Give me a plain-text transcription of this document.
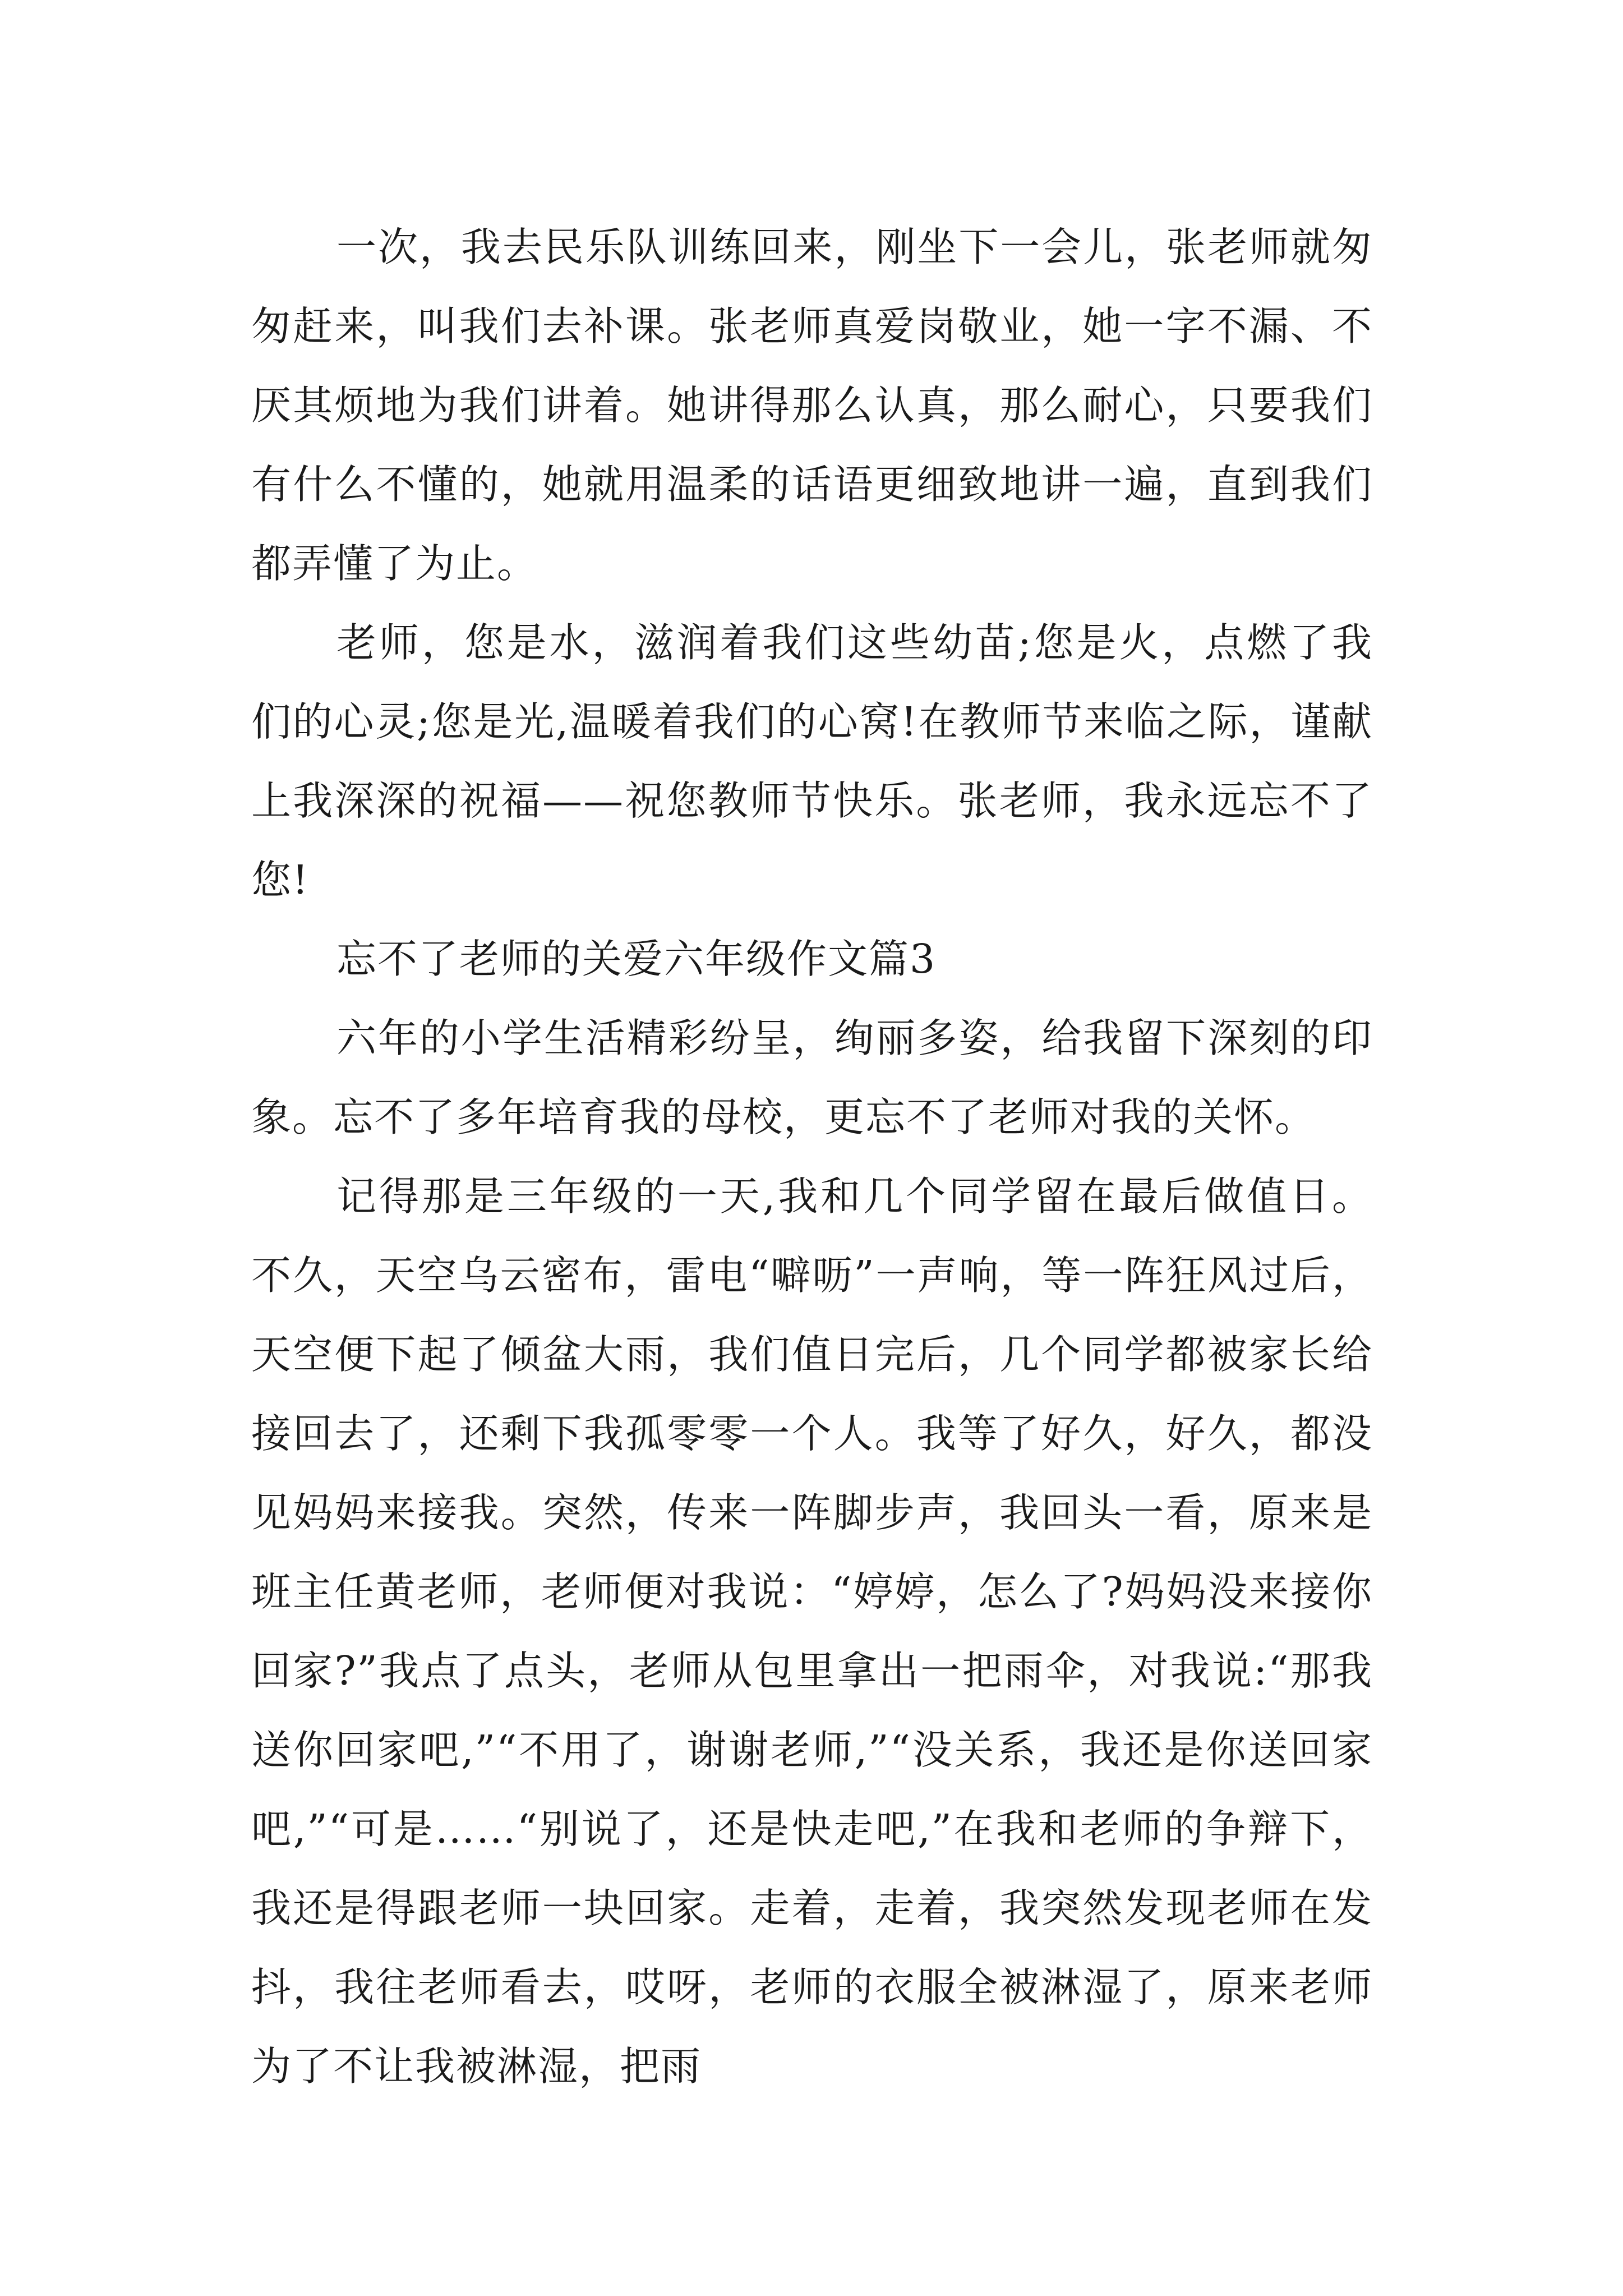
一次，我去民乐队训练回来，刚坐下一会儿，张老师就匆匆赶来，叫我们去补课。张老师真爱岗敬业，她一字不漏、不厌其烦地为我们讲着。她讲得那么认真，那么耐心，只要我们有什么不懂的，她就用温柔的话语更细致地讲一遍，直到我们都弄懂了为止。

老师，您是水，滋润着我们这些幼苗;您是火，点燃了我们的心灵;您是光,温暖着我们的心窝!在教师节来临之际，谨献上我深深的祝福——祝您教师节快乐。张老师，我永远忘不了您!

忘不了老师的关爱六年级作文篇3

六年的小学生活精彩纷呈，绚丽多姿，给我留下深刻的印象。忘不了多年培育我的母校，更忘不了老师对我的关怀。

记得那是三年级的一天,我和几个同学留在最后做值日。不久，天空乌云密布，雷电“噼呖”一声响，等一阵狂风过后，天空便下起了倾盆大雨，我们值日完后，几个同学都被家长给接回去了，还剩下我孤零零一个人。我等了好久，好久，都没见妈妈来接我。突然，传来一阵脚步声，我回头一看，原来是班主任黄老师，老师便对我说：“婷婷，怎么了?妈妈没来接你回家?”我点了点头，老师从包里拿出一把雨伞，对我说:“那我送你回家吧,”“不用了，谢谢老师,”“没关系，我还是你送回家吧,”“可是……“别说了，还是快走吧,”在我和老师的争辩下，我还是得跟老师一块回家。走着，走着，我突然发现老师在发抖，我往老师看去，哎呀，老师的衣服全被淋湿了，原来老师为了不让我被淋湿，把雨
